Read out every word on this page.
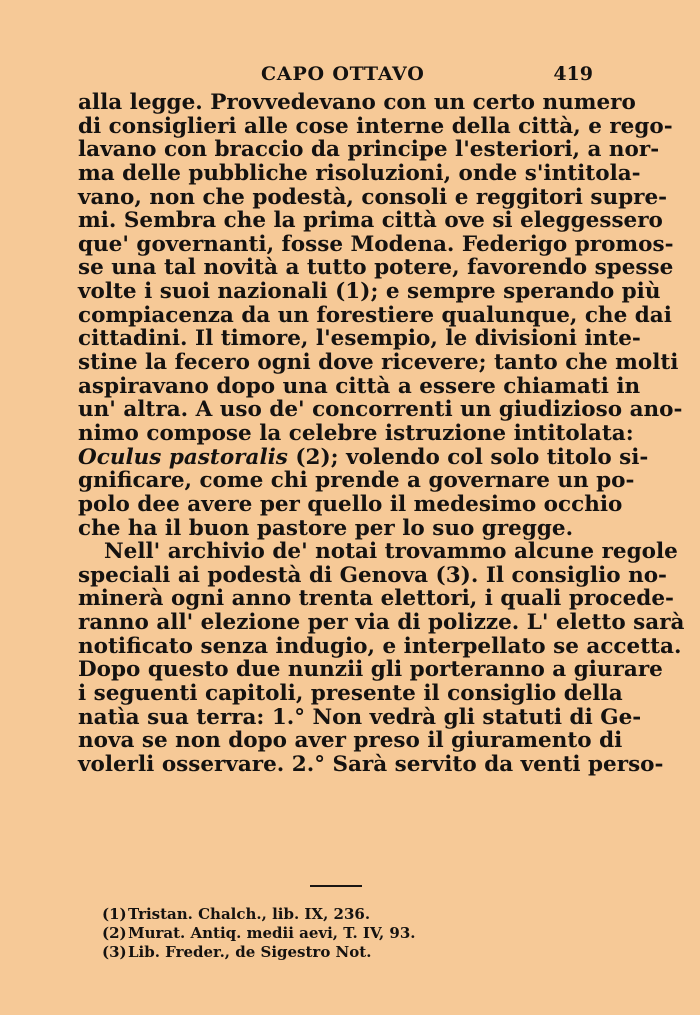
CAPO OTTAVO	419
alla legge. Provvedevano con un certo numero
di consiglieri alle cose interne della città, e rego-
lavano con braccio da principe l'esteriori, a nor-
ma delle pubbliche risoluzioni, onde s'intitola-
vano, non che podestà, consoli e reggitori supre-
mi. Sembra che la prima città ove si eleggessero
que' governanti, fosse Modena. Federigo promos-
se una tal novità a tutto potere, favorendo spesse
volte i suoi nazionali (1); e sempre sperando più
compiacenza da un forestiere qualunque, che dai
cittadini. Il timore, l'esempio, le divisioni inte-
stine la fecero ogni dove ricevere; tanto che molti
aspiravano dopo una città a essere chiamati in
un' altra. A uso de' concorrenti un giudizioso ano-
nimo compose la celebre istruzione intitolata:
Oculus pastoralis (2); volendo col solo titolo si-
gnificare, come chi prende a governare un po-
polo dee avere per quello il medesimo occhio
che ha il buon pastore per lo suo gregge.
Nell' archivio de' notai trovammo alcune regole
speciali ai podestà di Genova (3). Il consiglio no-
minerà ogni anno trenta elettori, i quali procede-
ranno all' elezione per via di polizze. L' eletto sarà
notificato senza indugio, e interpellato se accetta.
Dopo questo due nunzii gli porteranno a giurare
i seguenti capitoli, presente il consiglio della
natìa sua terra: 1.° Non vedrà gli statuti di Ge-
nova se non dopo aver preso il giuramento di
volerli osservare. 2.° Sarà servito da venti perso-
(1)Tristan. Chalch., lib. IX, 236.
(2)Murat. Antiq. medii aevi, T. IV, 93.
(3)Lib. Freder., de Sigestro Not.
